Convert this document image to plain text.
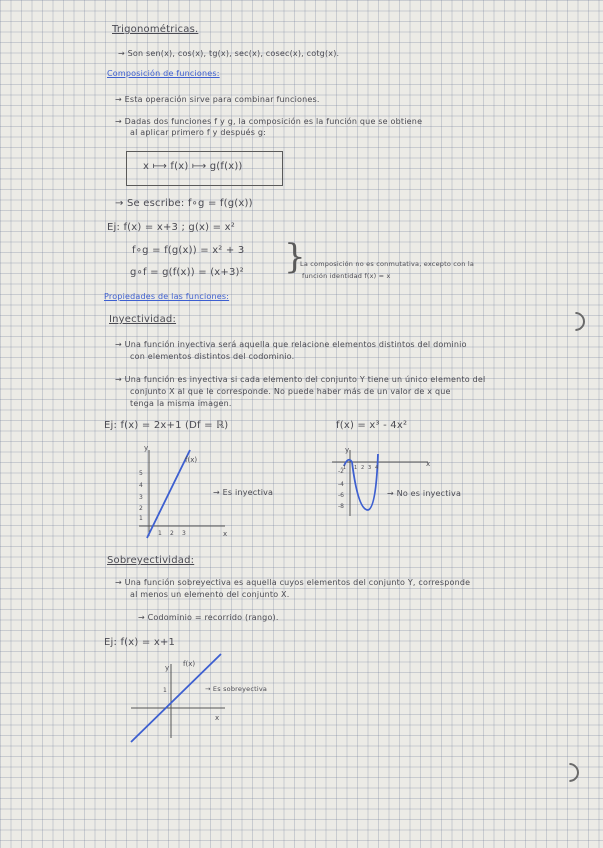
Trigonométricas.
→ Son sen(x), cos(x), tg(x), sec(x), cosec(x), cotg(x).
Composición de funciones:
→ Esta operación sirve para combinar funciones.
→ Dadas dos funciones f y g, la composición es la función que se obtiene
al aplicar primero f y después g:
x ⟼ f(x) ⟼ g(f(x))
→ Se escribe: f∘g = f(g(x))
Ej: f(x) = x+3 ; g(x) = x²
f∘g = f(g(x)) = x² + 3
g∘f = g(f(x)) = (x+3)² }
La composición no es conmutativa, excepto con la
función identidad f(x) = x
Propiedades de las funciones:
Inyectividad:
→ Una función inyectiva será aquella que relacione elementos distintos del dominio
con elementos distintos del codominio.
→ Una función es inyectiva si cada elemento del conjunto Y tiene un único elemento del
conjunto X al que le corresponde. No puede haber más de un valor de x que
tenga la misma imagen.
Ej: f(x) = 2x+1 (Df = ℝ)	f(x) = x³ - 4x²
f(x)
x
y
5
4
3
2
1
1 2 3
→ Es inyectiva
x
y
-2
-4
-6
-8
-1 1 2 3 4
→ No es inyectiva
Sobreyectividad:
→ Una función sobreyectiva es aquella cuyos elementos del conjunto Y, corresponde
al menos un elemento del conjunto X.
→ Codominio = recorrido (rango).
Ej: f(x) = x+1
f(x)
x
y
1	→ Es sobreyectiva
